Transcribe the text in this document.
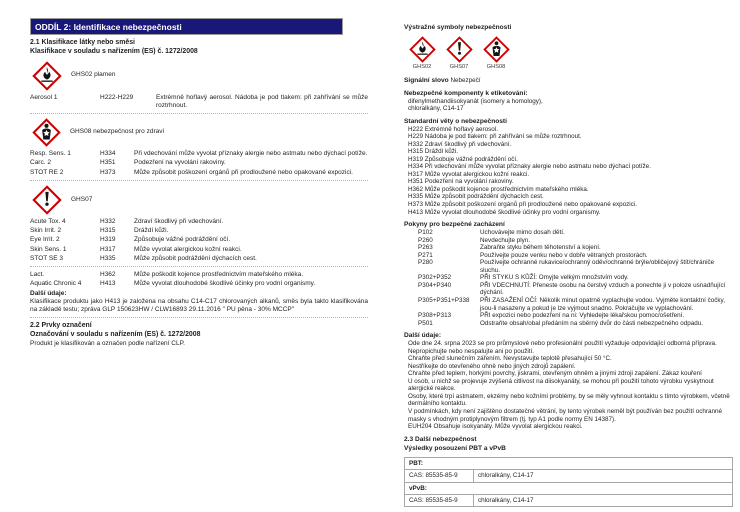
ODDÍL 2: Identifikace nebezpečnosti
2.1 Klasifikace látky nebo směsi
Klasifikace v souladu s nařízením (ES) č. 1272/2008
GHS02 plamen
Aerosol 1	H222-H229	Extrémně hořlavý aerosol. Nádoba je pod tlakem: při zahřívání se může roztrhnout.
GHS08 nebezpečnost pro zdraví
Resp. Sens. 1	H334	Při vdechování může vyvolat příznaky alergie nebo astmatu nebo dýchací potíže.
Carc. 2	H351	Podezření na vyvolání rakoviny.
STOT RE 2	H373	Může způsobit poškození orgánů při prodloužené nebo opakované expozici.
GHS07
Acute Tox. 4	H332	Zdraví škodlivý při vdechování.
Skin Irrit. 2	H315	Dráždí kůži.
Eye Irrit. 2	H319	Způsobuje vážné podráždění očí.
Skin Sens. 1	H317	Může vyvolat alergickou kožní reakci.
STOT SE 3	H335	Může způsobit podráždění dýchacích cest.
Lact.	H362	Může poškodit kojence prostřednictvím mateřského mléka.
Aquatic Chronic 4	H413	Může vyvolat dlouhodobé škodlivé účinky pro vodní organismy.
Další údaje:
Klasifikace produktu jako H413 je založena na obsahu C14-C17 chlorovaných alkanů, směs byla takto klasifikována na základě testu; zpráva GLP 150623HW / CLW16893 29.11.2016 " PU pěna - 30% MCCP"
2.2 Prvky označení
Označování v souladu s nařízením (ES) č. 1272/2008
Produkt je klasifikován a označen podle nařízení CLP.
Výstražné symboly nebezpečnosti
GHS02	GHS07	GHS08
Signální slovo Nebezpečí
Nebezpečné komponenty k etiketování:
difenylmethandiisokyanát (isomery a homology),
chloralkány, C14-17
Standardní věty o nebezpečnosti
H222 Extrémně hořlavý aerosol.
H229 Nádoba je pod tlakem: při zahřívání se může roztrhnout.
H332 Zdraví škodlivý při vdechování.
H315 Dráždí kůži.
H319 Způsobuje vážné podráždění očí.
H334 Při vdechování může vyvolat příznaky alergie nebo astmatu nebo dýchací potíže.
H317 Může vyvolat alergickou kožní reakci.
H351 Podezření na vyvolání rakoviny.
H362 Může poškodit kojence prostřednictvím mateřského mléka.
H335 Může způsobit podráždění dýchacích cest.
H373 Může způsobit poškození orgánů při prodloužené nebo opakované expozici.
H413 Může vyvolat dlouhodobé škodlivé účinky pro vodní organismy.
Pokyny pro bezpečné zacházení
P102	Uchovávejte mimo dosah dětí.
P260	Nevdechujte plyn.
P263	Zabraňte styku během těhotenství a kojení.
P271	Používejte pouze venku nebo v dobře větraných prostorách.
P280	Používejte ochranné rukavice/ochranný oděv/ochranné brýle/obličejový štít/chrániče sluchu.
P302+P352	PŘI STYKU S KŮŽÍ: Omyjte velkým množstvím vody.
P304+P340	PŘI VDECHNUTÍ: Přeneste osobu na čerstvý vzduch a ponechte ji v poloze usnadňující dýchání.
P305+P351+P338	PŘI ZASAŽENÍ OČÍ: Několik minut opatrně vyplachujte vodou. Vyjměte kontaktní čočky, jsou-li nasazeny a pokud je lze vyjmout snadno. Pokračujte ve vyplachování.
P308+P313	PŘI expozici nebo podezření na ni: Vyhledejte lékařskou pomoc/ošetření.
P501	Odstraňte obsah/obal předáním na sběrný dvůr do části nebezpečného odpadu.
Další údaje:
Ode dne 24. srpna 2023 se pro průmyslové nebo profesionální použití vyžaduje odpovídající odborná příprava.
Nepropichujte nebo nespalujte ani po použití.
Chraňte před slunečním zářením. Nevystavujte teplotě přesahující 50 °C.
Nestříkejte do otevřeného ohně nebo jiných zdrojů zapálení.
Chraňte před teplem, horkými povrchy, jiskrami, otevřeným ohněm a jinými zdroji zapálení. Zákaz kouření
U osob, u nichž se projevuje zvýšená citlivost na diisokyanáty, se mohou při použití tohoto výrobku vyskytnout alergické reakce.
Osoby, které trpí astmatem, ekzémy nebo kožními problémy, by se měly vyhnout kontaktu s tímto výrobkem, včetně dermálního kontaktu.
V podmínkách, kdy není zajištěno dostatečné větrání, by tento výrobek neměl být používán bez použití ochranné masky s vhodným protiplynovým filtrem (tj. typ A1 podle normy EN 14387).
EUH204 Obsahuje isokyanáty. Může vyvolat alergickou reakci.
2.3 Další nebezpečnost
Výsledky posouzení PBT a vPvB
PBT:	
CAS: 85535-85-9	chloralkány, C14-17
vPvB:	
CAS: 85535-85-9	chloralkány, C14-17
